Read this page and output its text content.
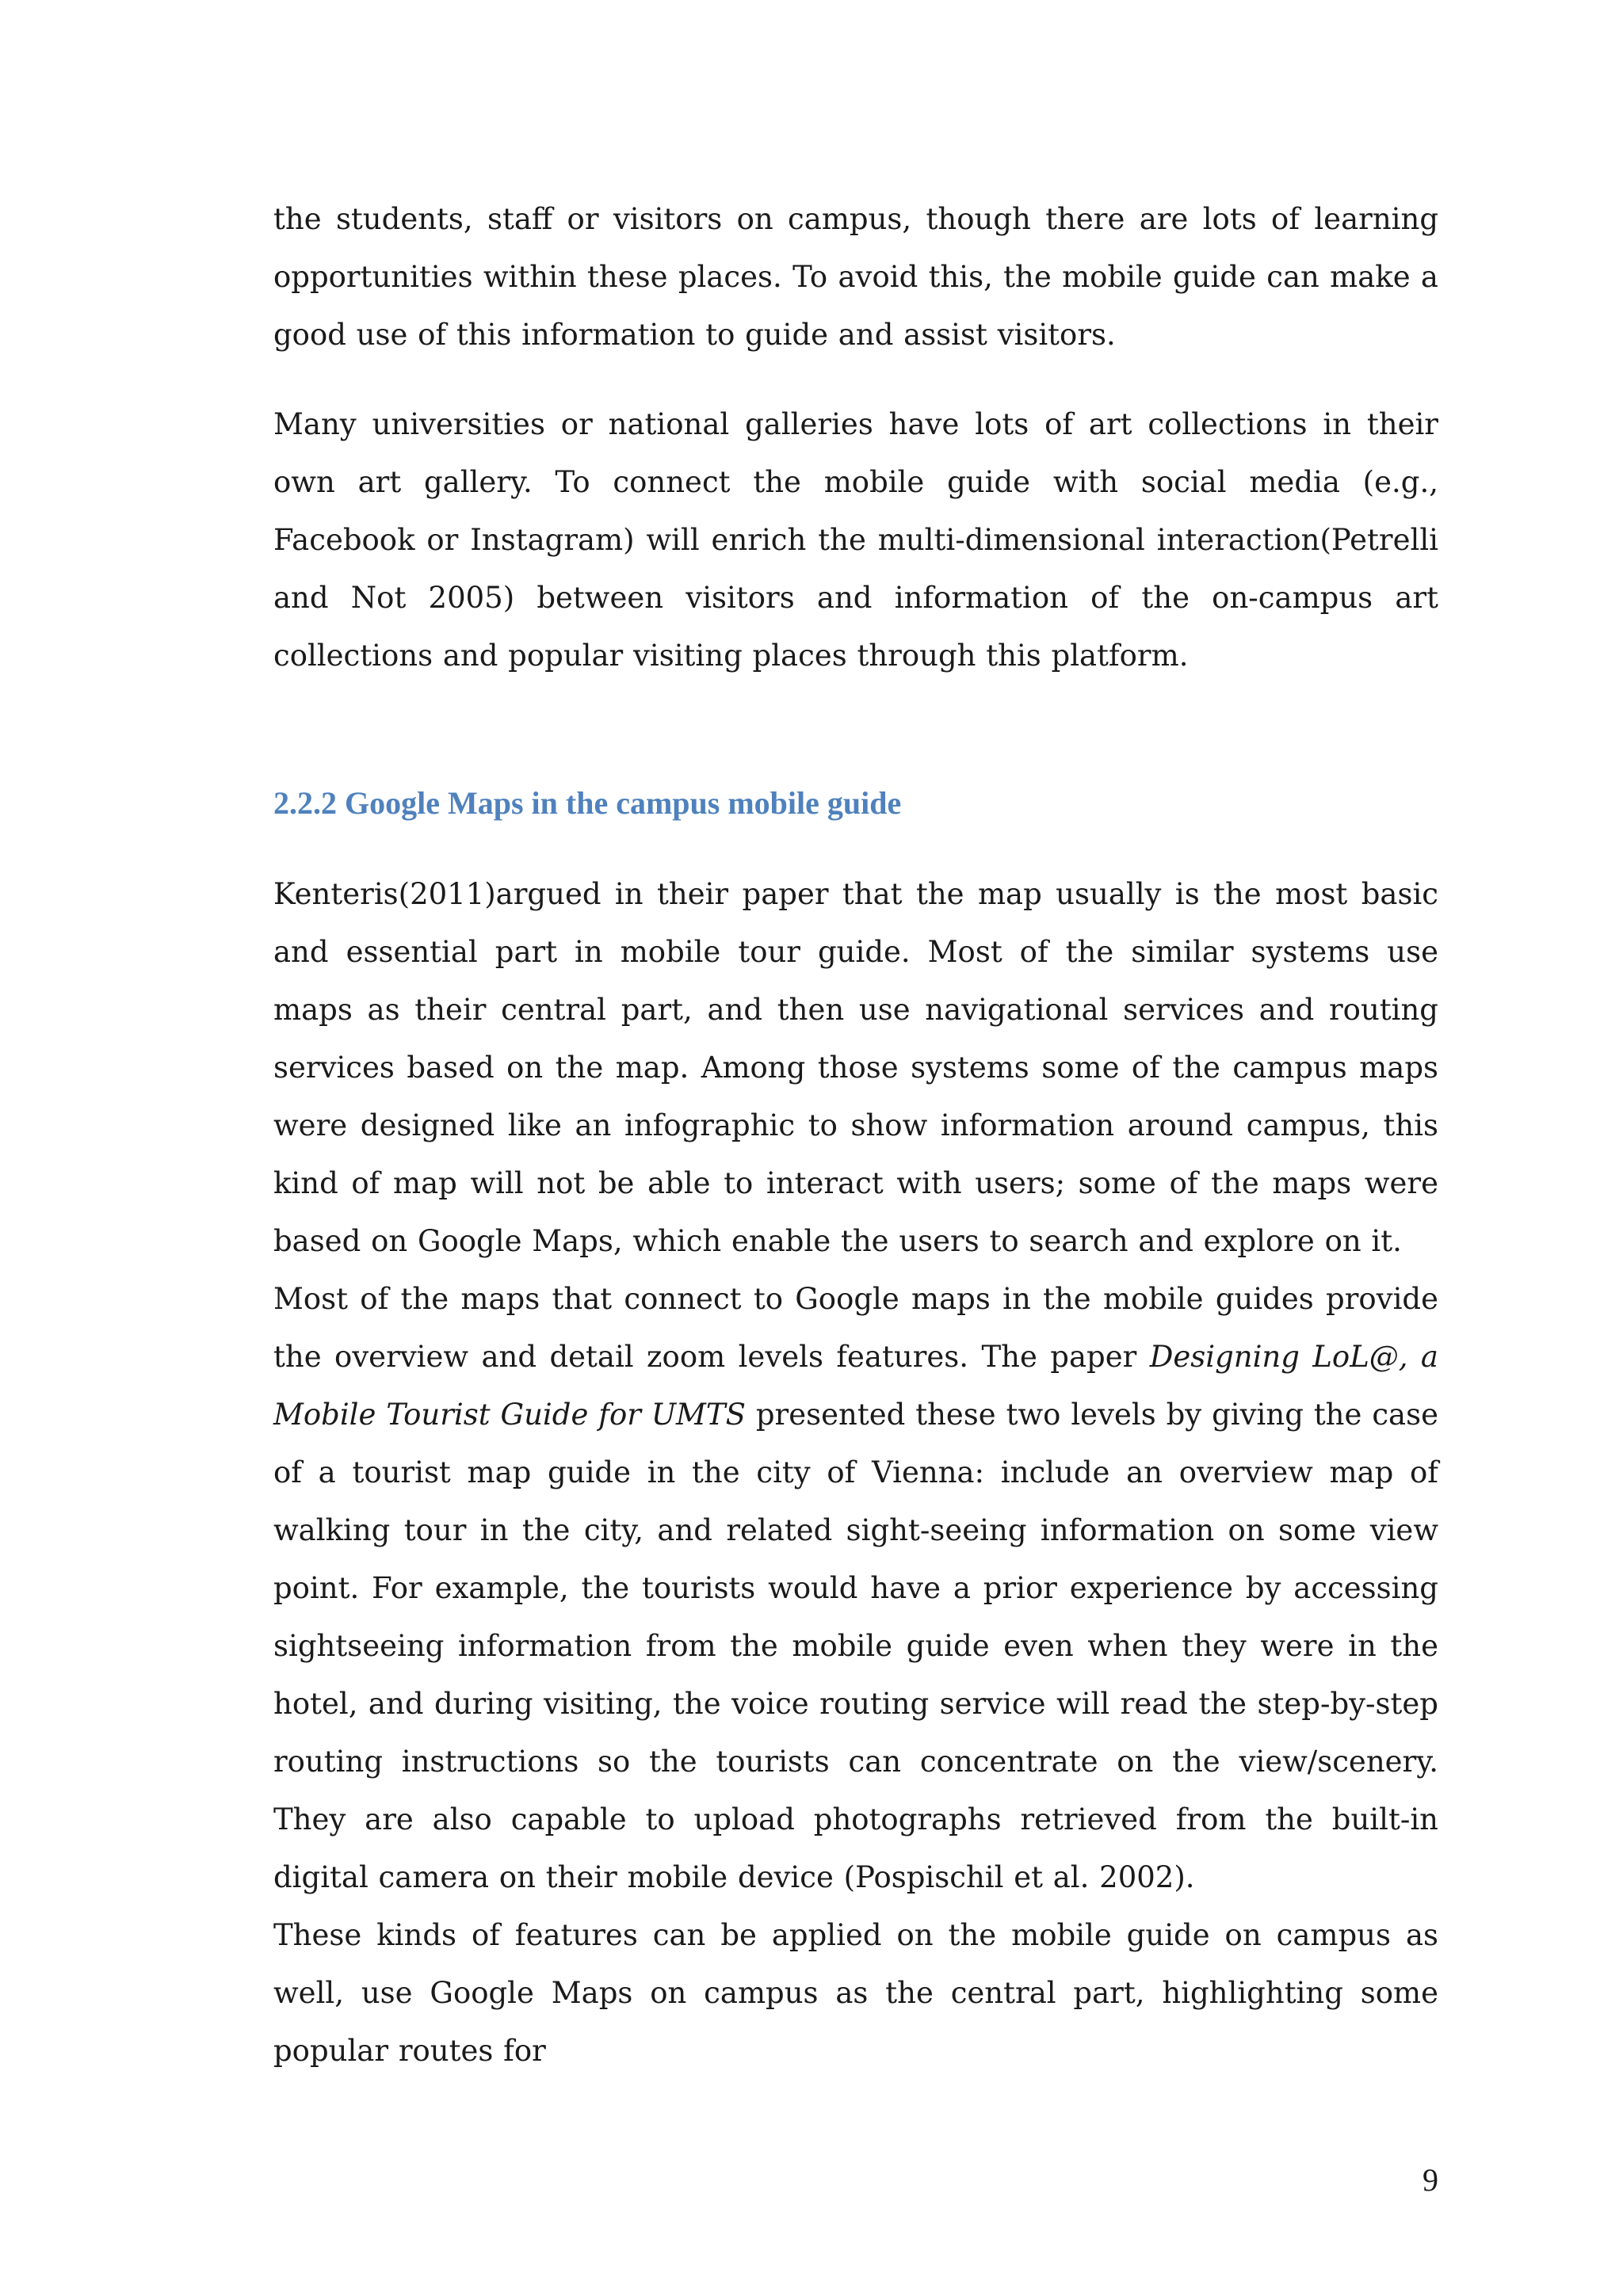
the students, staff or visitors on campus, though there are lots of learning opportunities within these places. To avoid this, the mobile guide can make a good use of this information to guide and assist visitors.

Many universities or national galleries have lots of art collections in their own art gallery. To connect the mobile guide with social media (e.g., Facebook or Instagram) will enrich the multi-dimensional interaction(Petrelli and Not 2005) between visitors and information of the on-campus art collections and popular visiting places through this platform.

2.2.2 Google Maps in the campus mobile guide

Kenteris(2011)argued in their paper that the map usually is the most basic and essential part in mobile tour guide. Most of the similar systems use maps as their central part, and then use navigational services and routing services based on the map. Among those systems some of the campus maps were designed like an infographic to show information around campus, this kind of map will not be able to interact with users; some of the maps were based on Google Maps, which enable the users to search and explore on it.

Most of the maps that connect to Google maps in the mobile guides provide the overview and detail zoom levels features. The paper Designing LoL@, a Mobile Tourist Guide for UMTS presented these two levels by giving the case of a tourist map guide in the city of Vienna: include an overview map of walking tour in the city, and related sight-seeing information on some view point. For example, the tourists would have a prior experience by accessing sightseeing information from the mobile guide even when they were in the hotel, and during visiting, the voice routing service will read the step-by-step routing instructions so the tourists can concentrate on the view/scenery. They are also capable to upload photographs retrieved from the built-in digital camera on their mobile device (Pospischil et al. 2002).

These kinds of features can be applied on the mobile guide on campus as well, use Google Maps on campus as the central part, highlighting some popular routes for

9
